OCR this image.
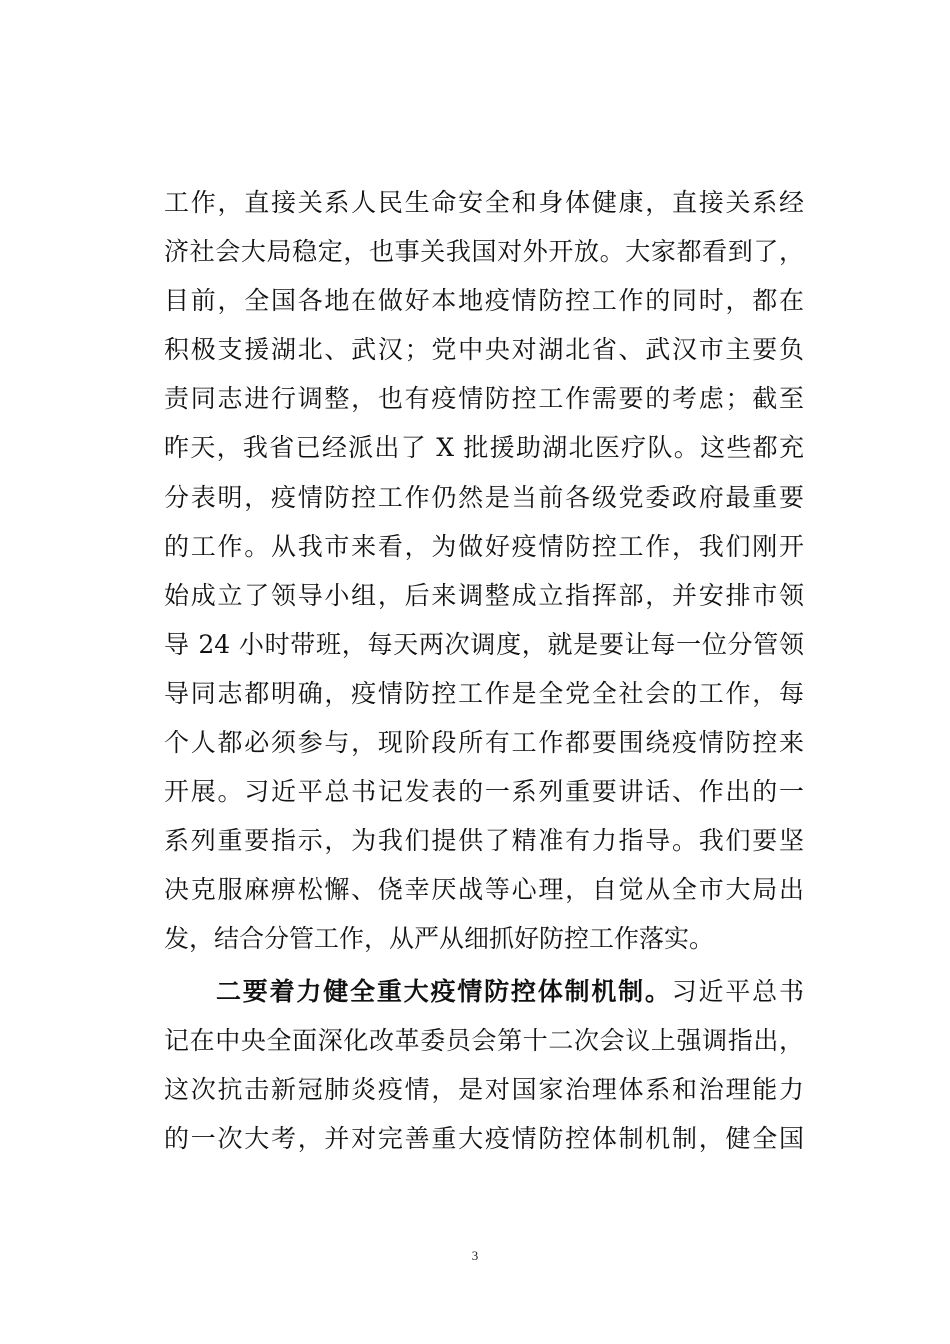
工作，直接关系人民生命安全和身体健康，直接关系经
济社会大局稳定，也事关我国对外开放。大家都看到了，
目前，全国各地在做好本地疫情防控工作的同时，都在
积极支援湖北、武汉；党中央对湖北省、武汉市主要负
责同志进行调整，也有疫情防控工作需要的考虑；截至
昨天，我省已经派出了 X 批援助湖北医疗队。这些都充
分表明，疫情防控工作仍然是当前各级党委政府最重要
的工作。从我市来看，为做好疫情防控工作，我们刚开
始成立了领导小组，后来调整成立指挥部，并安排市领
导 24 小时带班，每天两次调度，就是要让每一位分管领
导同志都明确，疫情防控工作是全党全社会的工作，每
个人都必须参与，现阶段所有工作都要围绕疫情防控来
开展。习近平总书记发表的一系列重要讲话、作出的一
系列重要指示，为我们提供了精准有力指导。我们要坚
决克服麻痹松懈、侥幸厌战等心理，自觉从全市大局出
发，结合分管工作，从严从细抓好防控工作落实。
二要着力健全重大疫情防控体制机制。习近平总书
记在中央全面深化改革委员会第十二次会议上强调指出，
这次抗击新冠肺炎疫情，是对国家治理体系和治理能力
的一次大考，并对完善重大疫情防控体制机制，健全国
3
